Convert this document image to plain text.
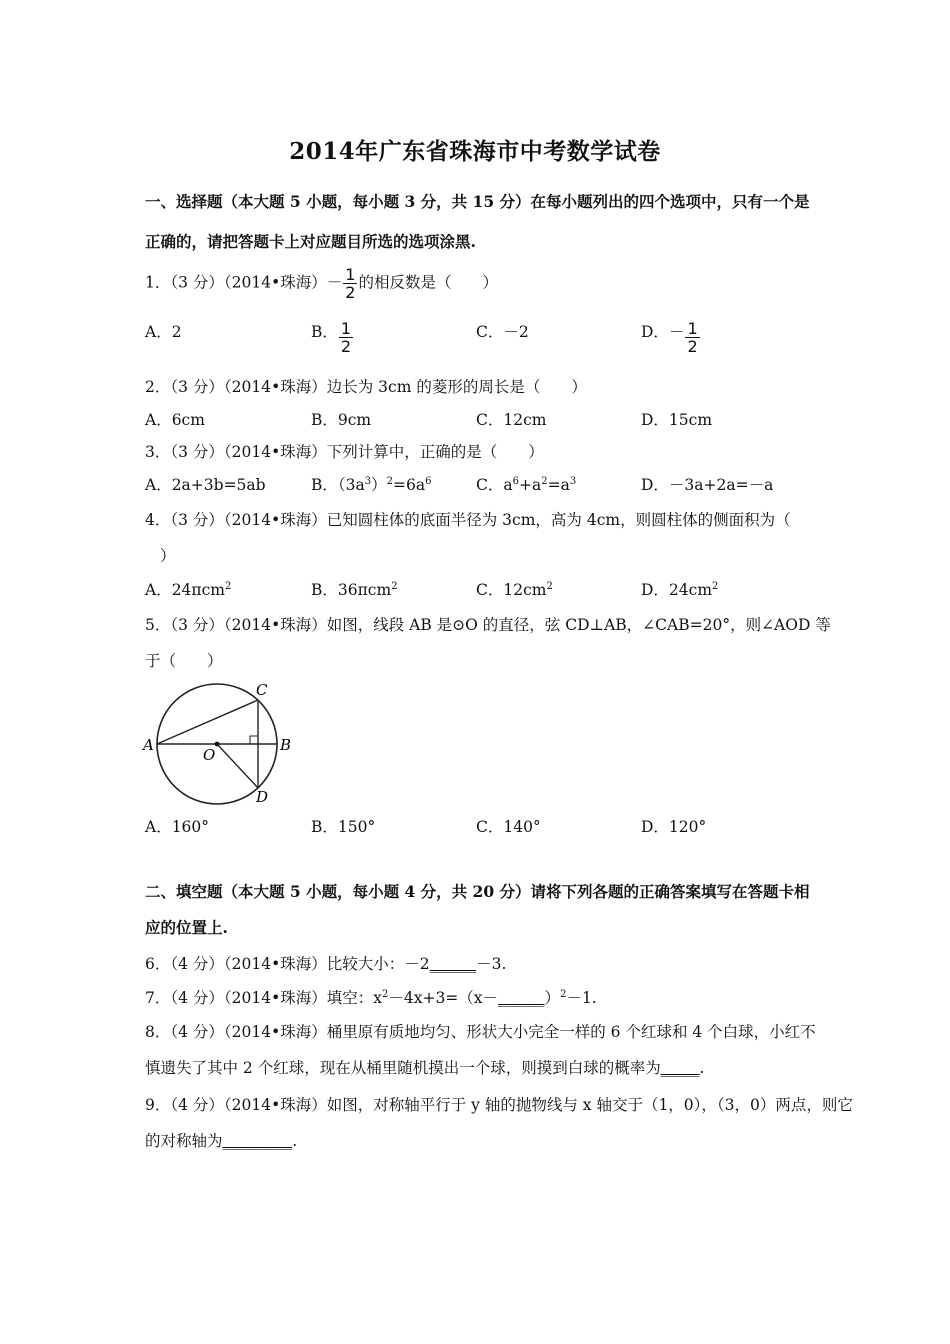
2014年广东省珠海市中考数学试卷
一、选择题（本大题 5 小题，每小题 3 分，共 15 分）在每小题列出的四个选项中，只有一个是
正确的，请把答题卡上对应题目所选的选项涂黑.
1．（3 分）（2014•珠海）－ $\frac{1}{2}$ 的相反数是（　　）
A．2	B． $\frac{1}{2}$	C．－2	D．－ $\frac{1}{2}$
2．（3 分）（2014•珠海）边长为 3cm 的菱形的周长是（　　）
A．6cm	B．9cm	C．12cm	D．15cm
3．（3 分）（2014•珠海）下列计算中，正确的是（　　）
A．2a+3b=5ab	B．$(3a^3)^2=6a^6$	C．$a^6+a^2=a^3$	D．－3a+2a=－a
4．（3 分）（2014•珠海）已知圆柱体的底面半径为 3cm，高为 4cm，则圆柱体的侧面积为（
）
A．24πcm$^2$	B．36πcm$^2$	C．$12cm^2$	D．$24cm^2$
5．（3 分）（2014•珠海）如图，线段 AB 是⊙O 的直径，弦 CD⊥AB，∠CAB=20°，则∠AOD 等
于（　　）
A	B
C
D
O
A．160°	B．150°	C．140°	D．120°
二、填空题（本大题 5 小题，每小题 4 分，共 20 分）请将下列各题的正确答案填写在答题卡相
应的位置上.
6．（4 分）（2014•珠海）比较大小：－2______－3.
7．（4 分）（2014•珠海）填空：$x^2-4x+3=(x-\_\_\_\_\_\_)^2-1$.
8．（4 分）（2014•珠海）桶里原有质地均匀、形状大小完全一样的 6 个红球和 4 个白球，小红不
慎遗失了其中 2 个红球，现在从桶里随机摸出一个球，则摸到白球的概率为_____.
9．（4 分）（2014•珠海）如图，对称轴平行于 y 轴的抛物线与 x 轴交于（1，0），（3，0）两点，则它
的对称轴为_________.
